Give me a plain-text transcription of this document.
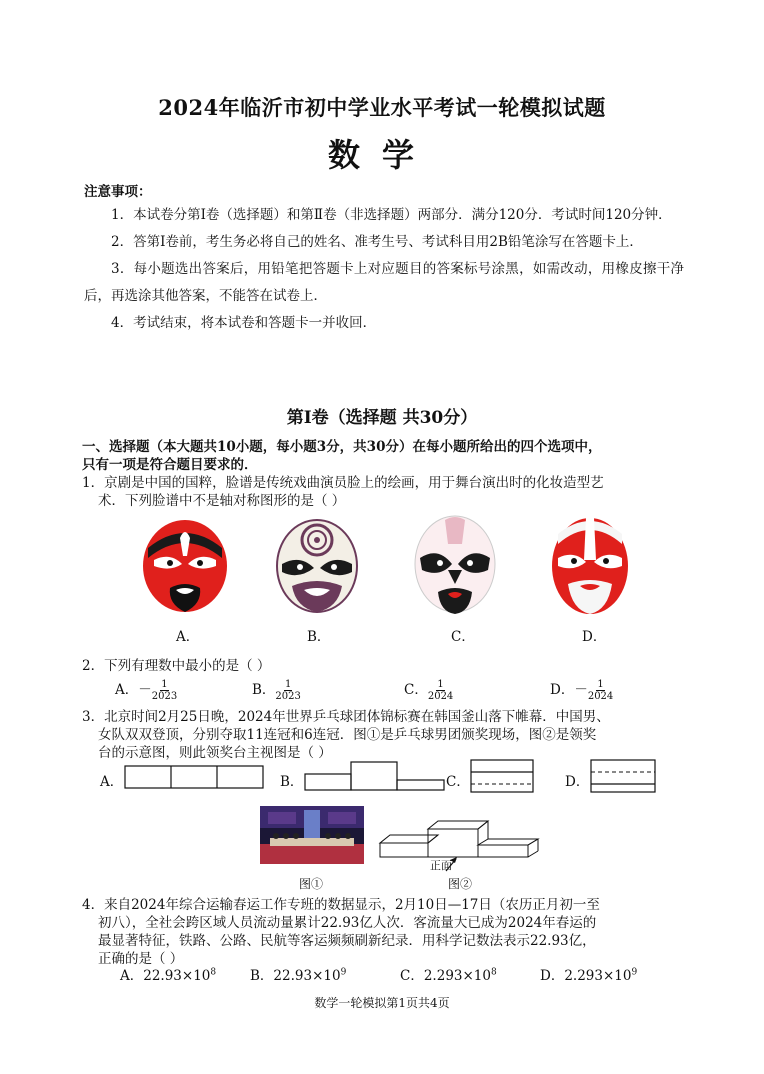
2024年临沂市初中学业水平考试一轮模拟试题
数学
注意事项：

1．本试卷分第Ⅰ卷（选择题）和第Ⅱ卷（非选择题）两部分．满分120分．考试时间120分钟．

2．答第Ⅰ卷前，考生务必将自己的姓名、准考生号、考试科目用2B铅笔涂写在答题卡上．

3．每小题选出答案后，用铅笔把答题卡上对应题目的答案标号涂黑，如需改动，用橡皮擦干净后，再选涂其他答案，不能答在试卷上．

4．考试结束，将本试卷和答题卡一并收回．

第Ⅰ卷（选择题 共30分）
一、选择题（本大题共10小题，每小题3分，共30分）在每小题所给出的四个选项中，
只有一项是符合题目要求的．
1．京剧是中国的国粹，脸谱是传统戏曲演员脸上的绘画，用于舞台演出时的化妆造型艺
术．下列脸谱中不是轴对称图形的是（ ）
A．	B．	C．	D．
2．下列有理数中最小的是（ ）
A．－ $\frac{1}{2023}$	B． $\frac{1}{2023}$	C． $\frac{1}{2024}$	D．－ $\frac{1}{2024}$
3．北京时间2月25日晚，2024年世界乒乓球团体锦标赛在韩国釜山落下帷幕．中国男、
女队双双登顶，分别夺取11连冠和6连冠．图①是乒乓球男团颁奖现场，图②是领奖
台的示意图，则此领奖台主视图是（ ）
A．	B．	C．	D．
图①
正面
图②
4．来自2024年综合运输春运工作专班的数据显示，2月10日—17日（农历正月初一至
初八），全社会跨区域人员流动量累计22.93亿人次．客流量大已成为2024年春运的
最显著特征，铁路、公路、民航等客运频频刷新纪录．用科学记数法表示22.93亿，
正确的是（ ）
A．$22.93\times 10^8$	B．$22.93\times 10^9$	C．$2.293\times 10^8$	D．$2.293\times 10^9$
数学一轮模拟第1页共4页
